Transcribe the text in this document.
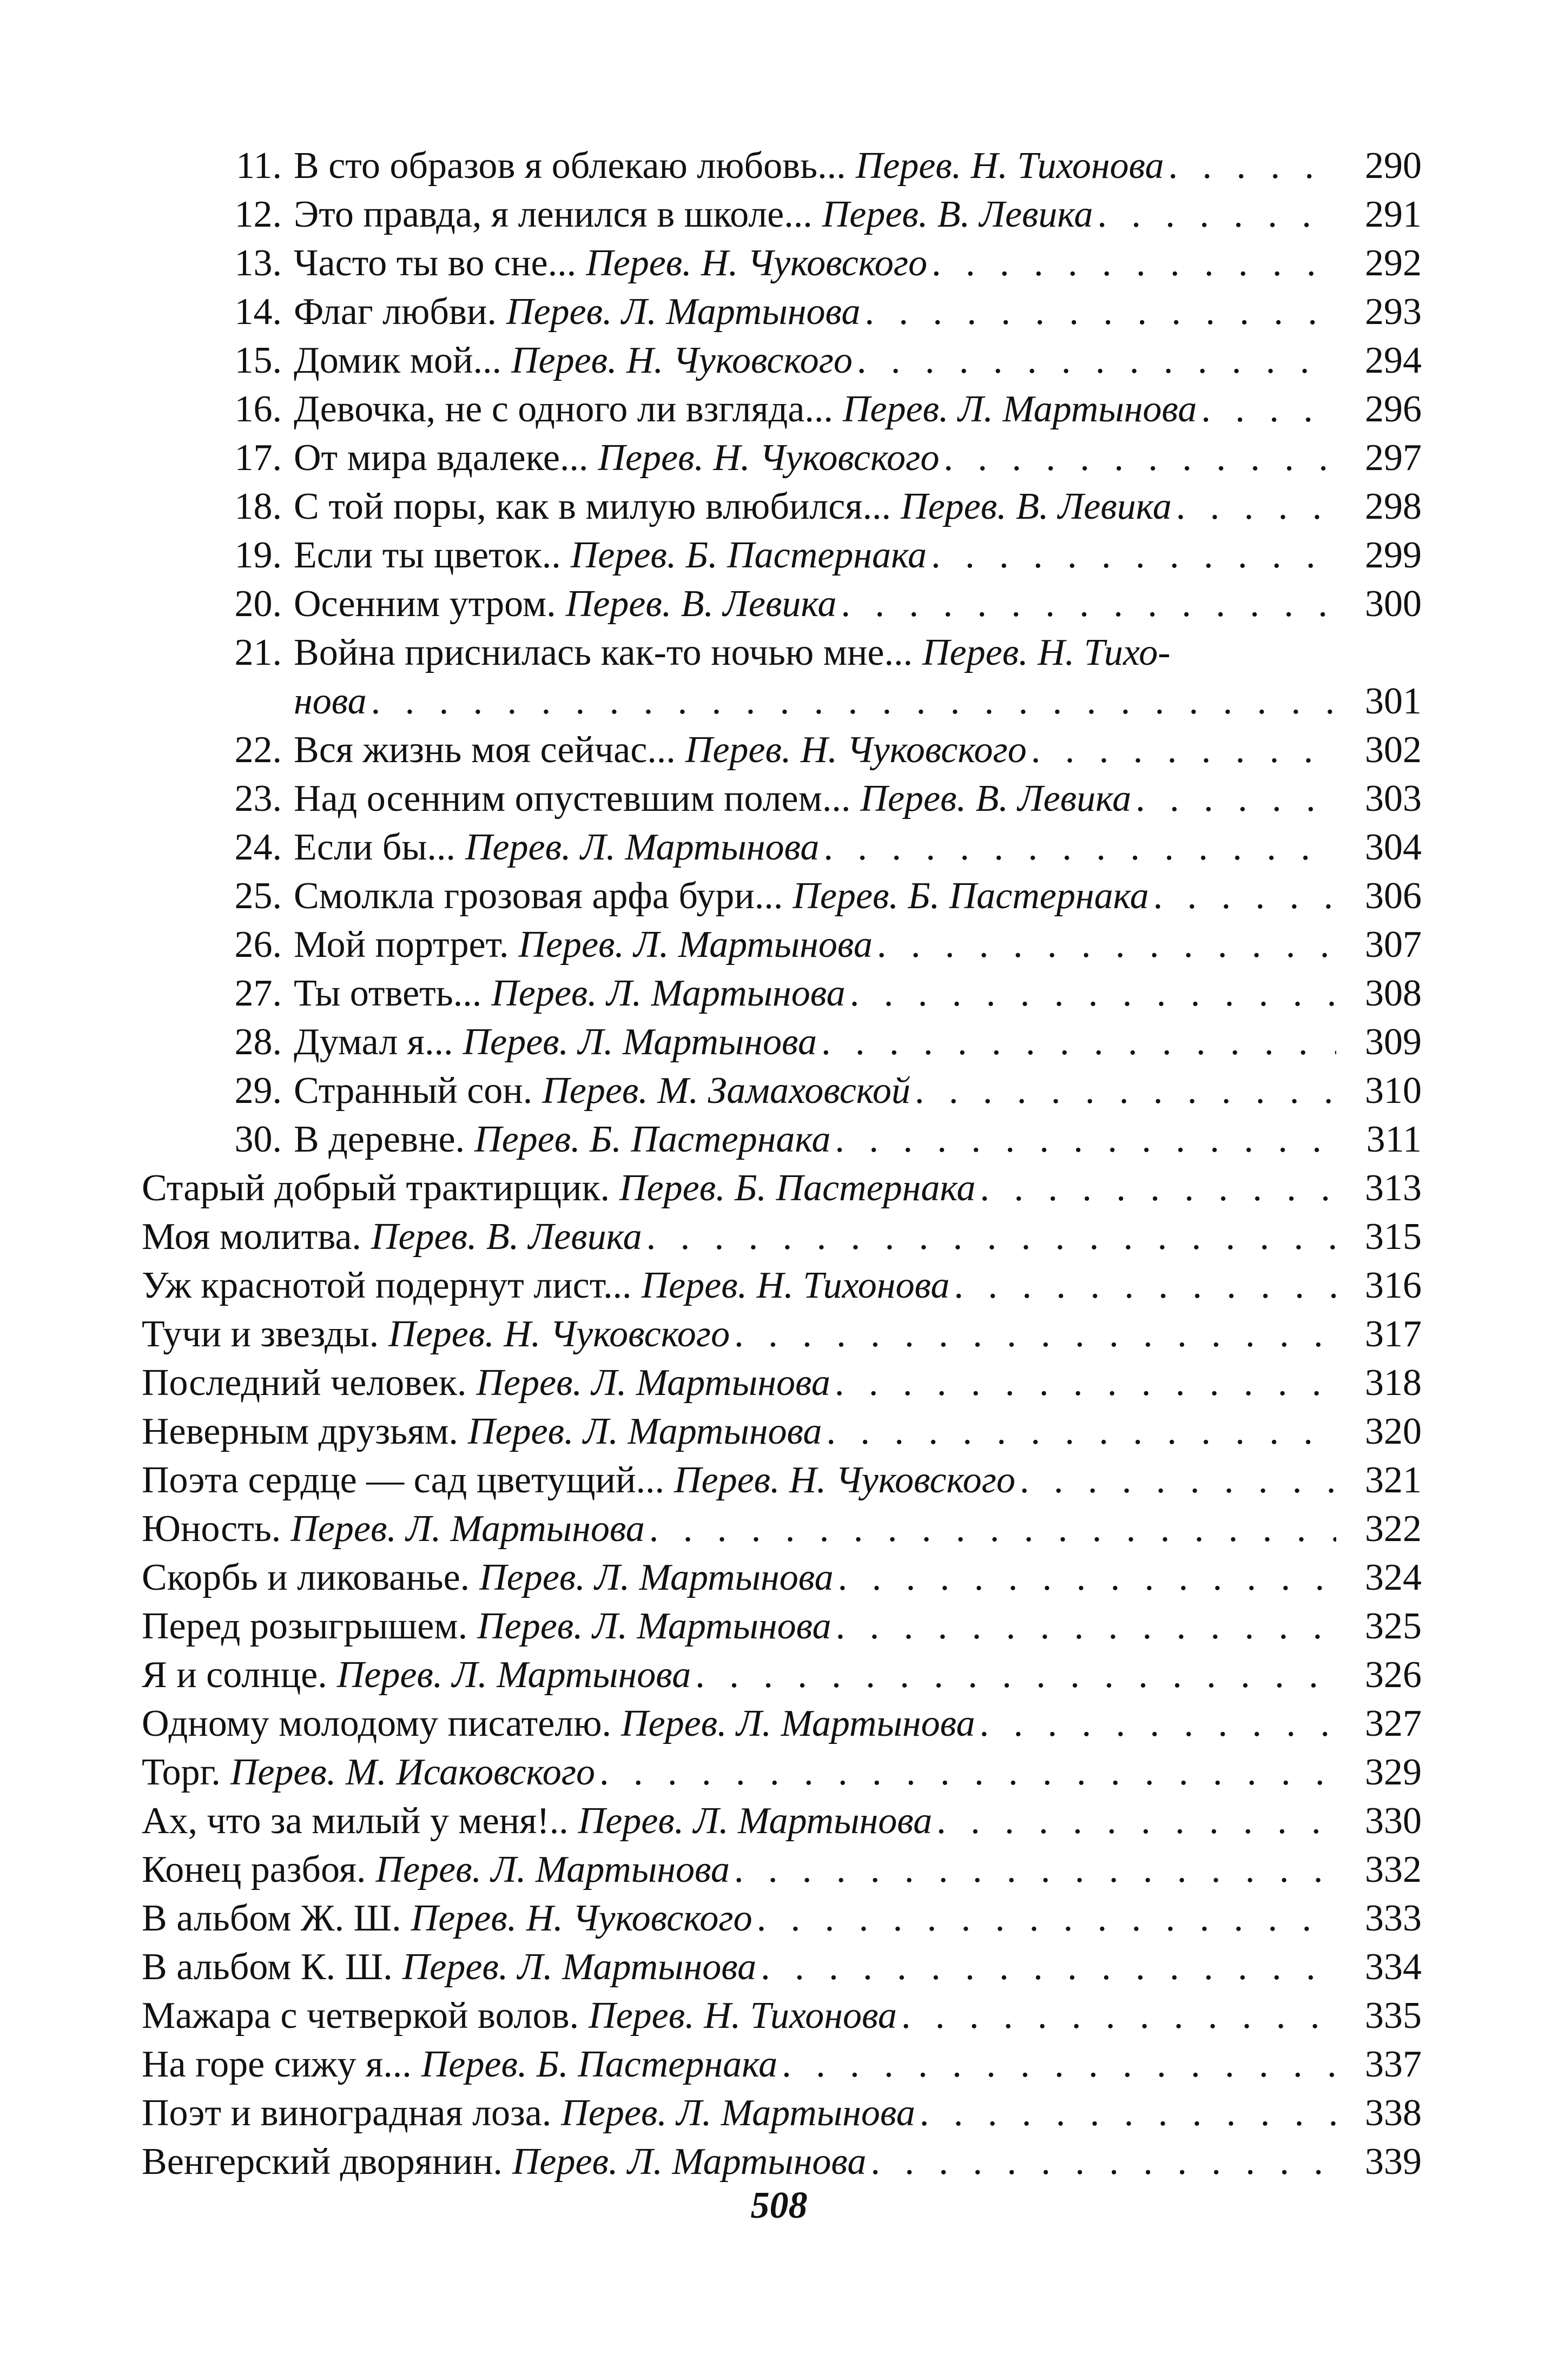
11. В сто образов я облекаю любовь... Перев. Н. Тихонова . . .	290
12. Это правда, я ленился в школе... Перев. В. Левика . . .	291
13. Часто ты во сне... Перев. Н. Чуковского . . .	292
14. Флаг любви. Перев. Л. Мартынова . . .	293
15. Домик мой... Перев. Н. Чуковского . . .	294
16. Девочка, не с одного ли взгляда... Перев. Л. Мартынова . . .	296
17. От мира вдалеке... Перев. Н. Чуковского . . .	297
18. С той поры, как в милую влюбился... Перев. В. Левика . . .	298
19. Если ты цветок.. Перев. Б. Пастернака . . .	299
20. Осенним утром. Перев. В. Левика . . .	300
21. Война приснилась как-то ночью мне... Перев. Н. Тихо-
нова . . .	301
22. Вся жизнь моя сейчас... Перев. Н. Чуковского . . .	302
23. Над осенним опустевшим полем... Перев. В. Левика . . .	303
24. Если бы... Перев. Л. Мартынова . . .	304
25. Смолкла грозовая арфа бури... Перев. Б. Пастернака . . .	306
26. Мой портрет. Перев. Л. Мартынова . . .	307
27. Ты ответь... Перев. Л. Мартынова . . .	308
28. Думал я... Перев. Л. Мартынова . . .	309
29. Странный сон. Перев. М. Замаховской . . .	310
30. В деревне. Перев. Б. Пастернака . . .	311
Старый добрый трактирщик. Перев. Б. Пастернака . . .	313
Моя молитва. Перев. В. Левика . . .	315
Уж краснотой подернут лист... Перев. Н. Тихонова . . .	316
Тучи и звезды. Перев. Н. Чуковского . . .	317
Последний человек. Перев. Л. Мартынова . . .	318
Неверным друзьям. Перев. Л. Мартынова . . .	320
Поэта сердце — сад цветущий... Перев. Н. Чуковского . . .	321
Юность. Перев. Л. Мартынова . . .	322
Скорбь и ликованье. Перев. Л. Мартынова . . .	324
Перед розыгрышем. Перев. Л. Мартынова . . .	325
Я и солнце. Перев. Л. Мартынова . . .	326
Одному молодому писателю. Перев. Л. Мартынова . . .	327
Торг. Перев. М. Исаковского . . .	329
Ах, что за милый у меня!.. Перев. Л. Мартынова . . .	330
Конец разбоя. Перев. Л. Мартынова . . .	332
В альбом Ж. Ш. Перев. Н. Чуковского . . .	333
В альбом К. Ш. Перев. Л. Мартынова . . .	334
Мажара с четверкой волов. Перев. Н. Тихонова . . .	335
На горе сижу я... Перев. Б. Пастернака . . .	337
Поэт и виноградная лоза. Перев. Л. Мартынова . . .	338
Венгерский дворянин. Перев. Л. Мартынова . . .	339
508
